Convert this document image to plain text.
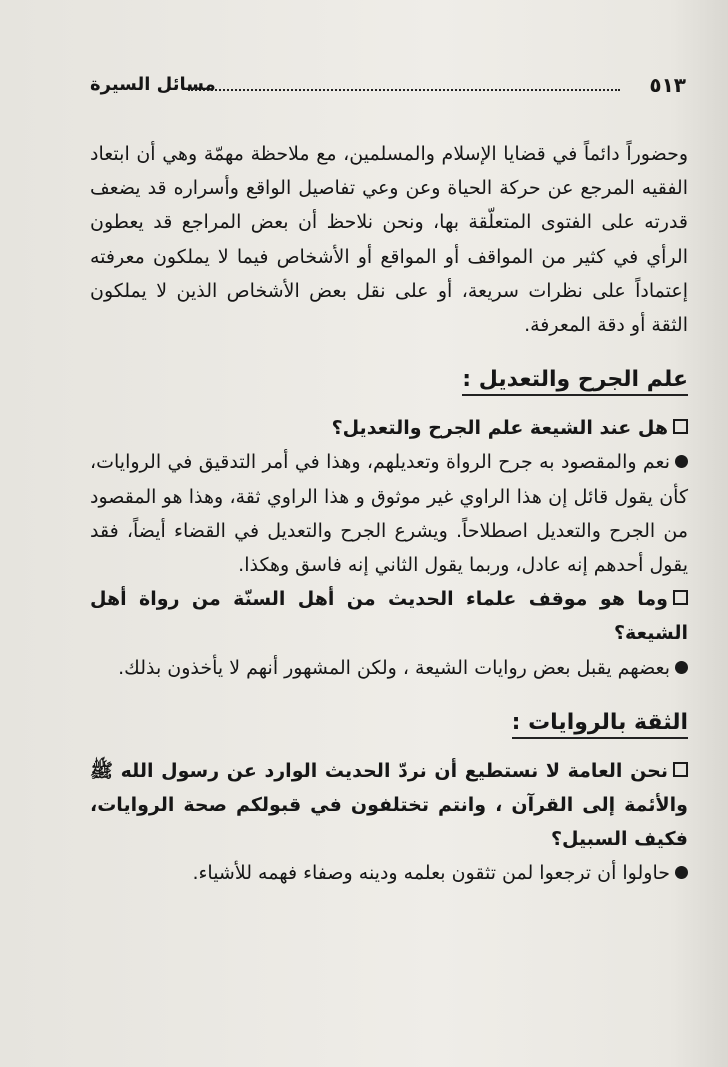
٥١٣
مسائل السيرة

وحضوراً دائماً في قضايا الإسلام والمسلمين، مع ملاحظة مهمّة وهي أن ابتعاد الفقيه المرجع عن حركة الحياة وعن وعي تفاصيل الواقع وأسراره قد يضعف قدرته على الفتوى المتعلّقة بها، ونحن نلاحظ أن بعض المراجع قد يعطون الرأي في كثير من المواقف أو المواقع أو الأشخاص فيما لا يملكون معرفته إعتماداً على نظرات سريعة، أو على نقل بعض الأشخاص الذين لا يملكون الثقة أو دقة المعرفة.

علم الجرح والتعديل :

هل عند الشيعة علم الجرح والتعديل؟

نعم والمقصود به جرح الرواة وتعديلهم، وهذا في أمر التدقيق في الروايات، كأن يقول قائل إن هذا الراوي غير موثوق و هذا الراوي ثقة، وهذا هو المقصود من الجرح والتعديل اصطلاحاً. ويشرع الجرح والتعديل في القضاء أيضاً، فقد يقول أحدهم إنه عادل، وربما يقول الثاني إنه فاسق وهكذا.

وما هو موقف علماء الحديث من أهل السنّة من رواة أهل الشيعة؟

بعضهم يقبل بعض روايات الشيعة ، ولكن المشهور أنهم لا يأخذون بذلك.

الثقة بالروايات :

نحن العامة لا نستطيع أن نردّ الحديث الوارد عن رسول الله ﷺ والأئمة إلى القرآن ، وانتم تختلفون في قبولكم صحة الروايات، فكيف السبيل؟

حاولوا أن ترجعوا لمن تثقون بعلمه ودينه وصفاء فهمه للأشياء.
